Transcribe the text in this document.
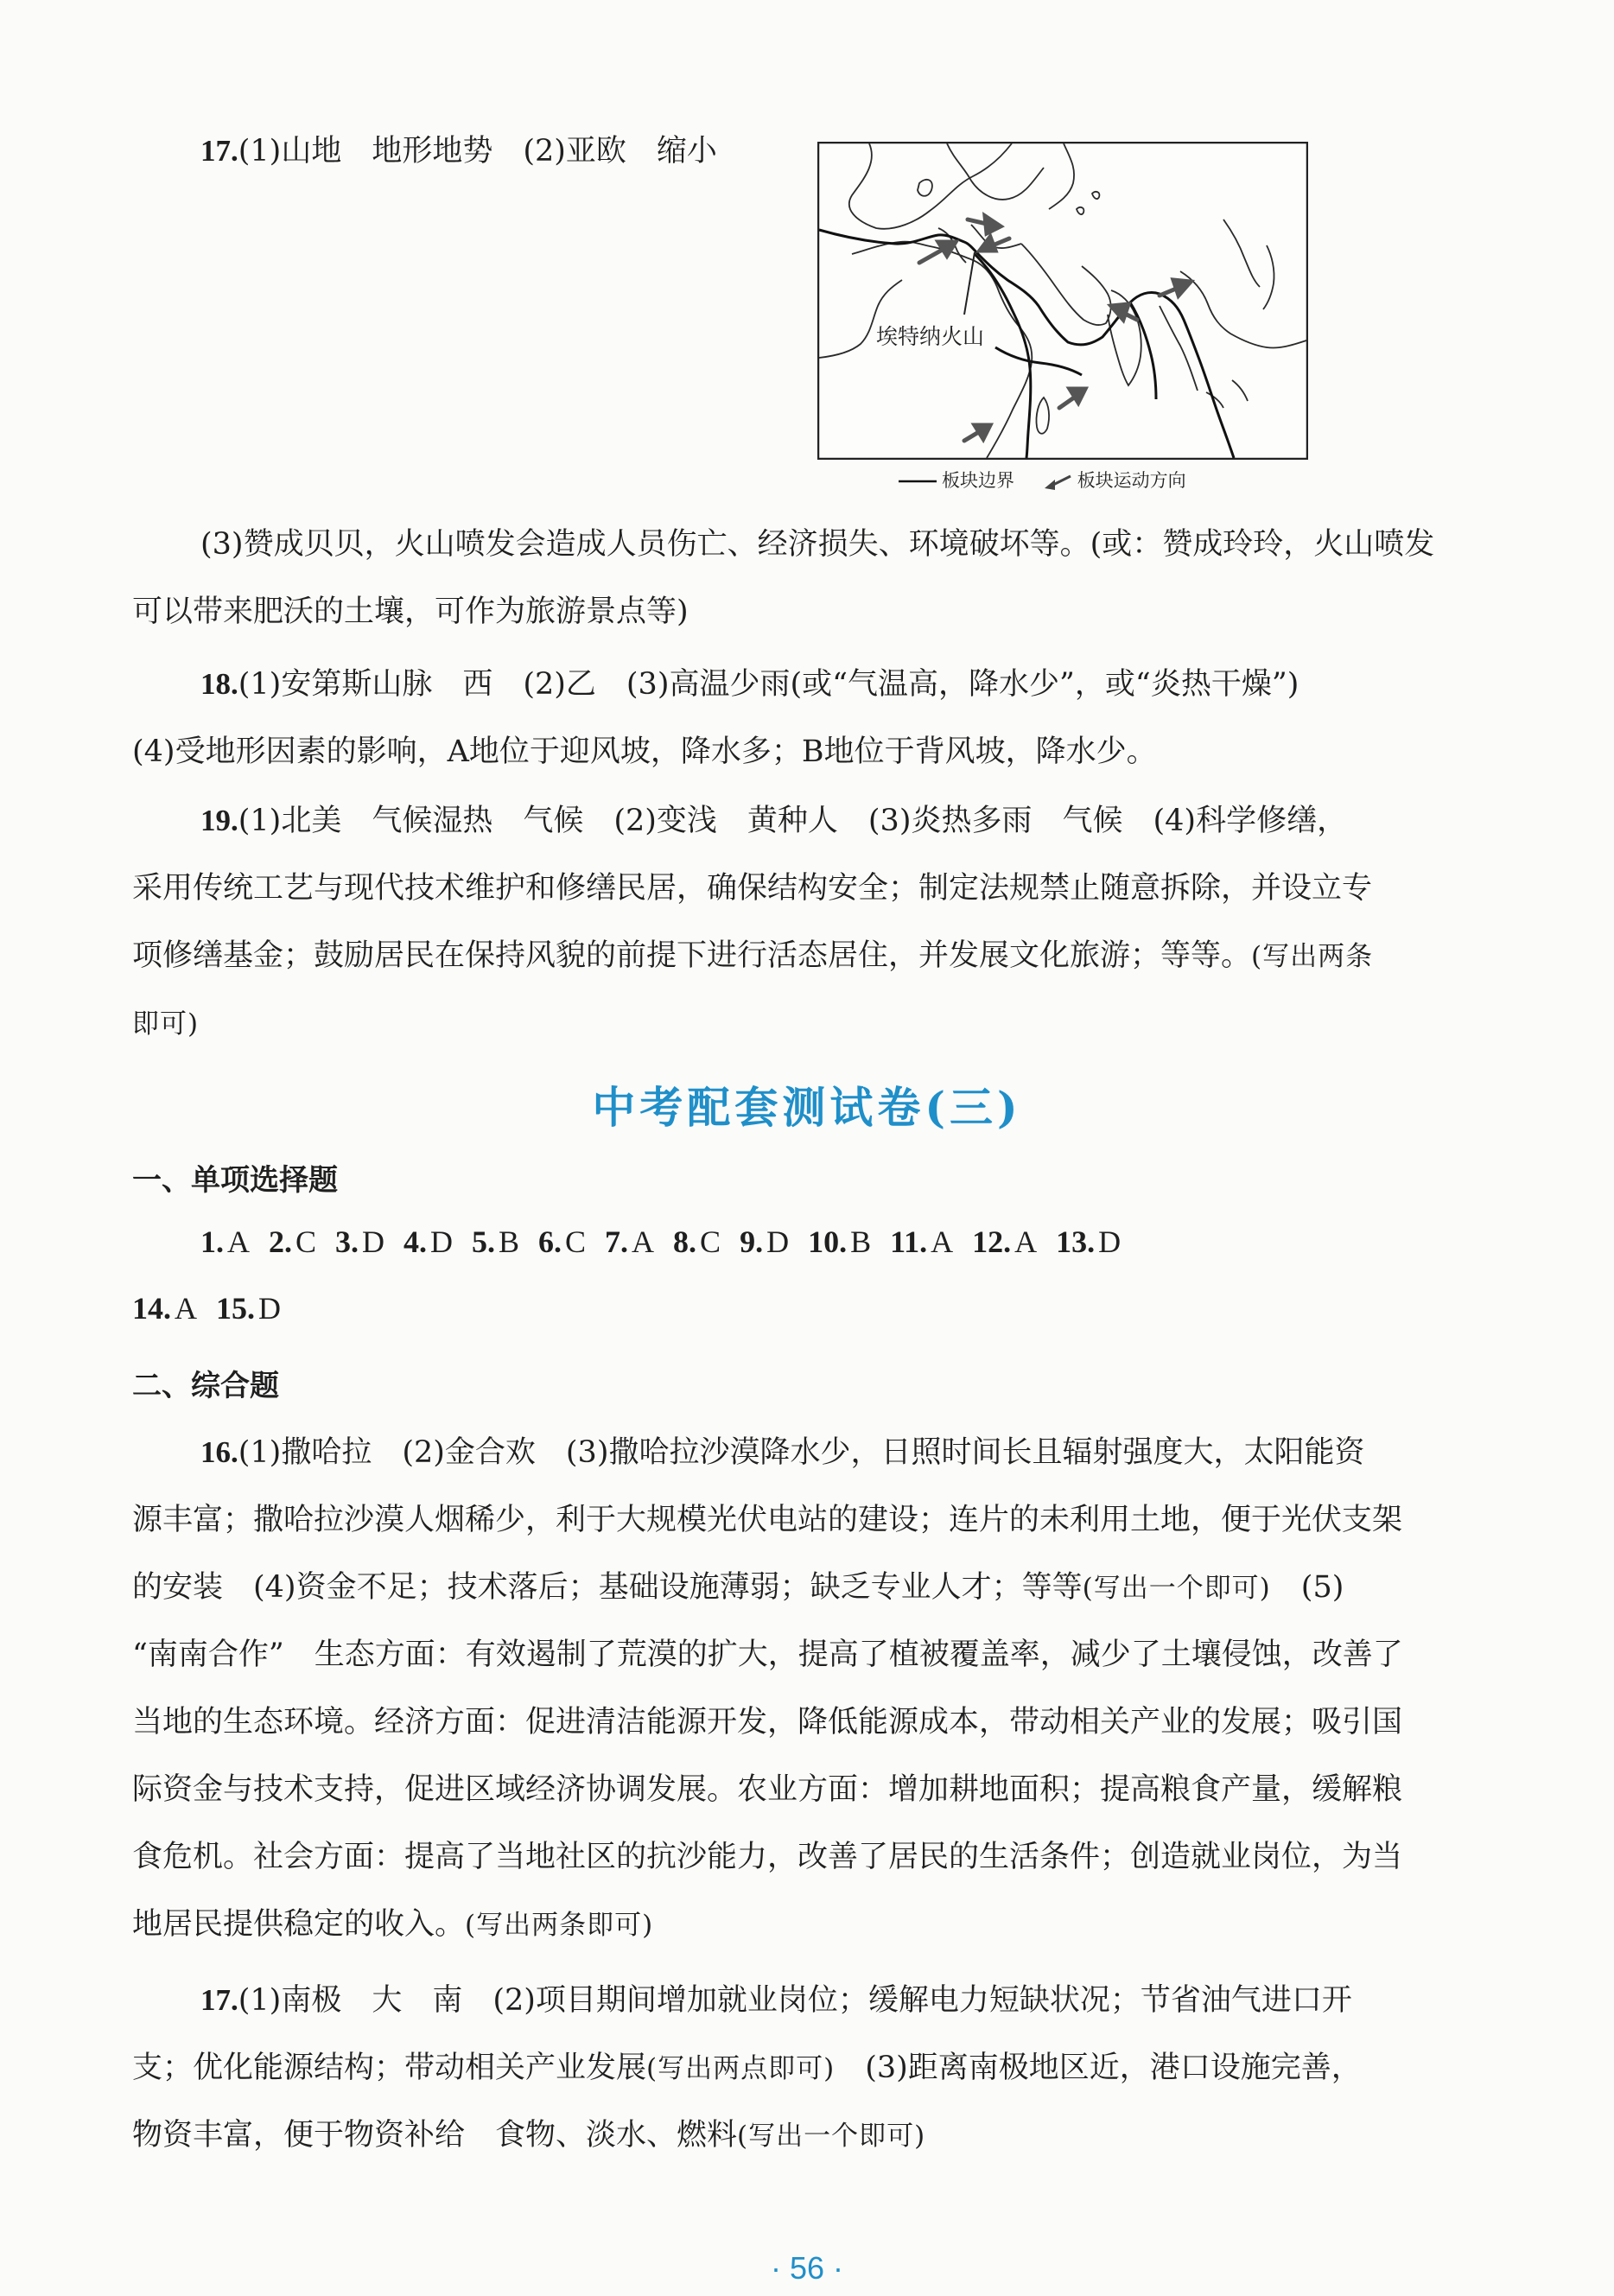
17.(1)山地　地形地势　(2)亚欧　缩小
埃特纳火山
板块边界	板块运动方向
(3)赞成贝贝，火山喷发会造成人员伤亡、经济损失、环境破坏等。(或：赞成玲玲，火山喷发
可以带来肥沃的土壤，可作为旅游景点等)
18.(1)安第斯山脉　西　(2)乙　(3)高温少雨(或“气温高，降水少”，或“炎热干燥”)
(4)受地形因素的影响，A地位于迎风坡，降水多；B地位于背风坡，降水少。
19.(1)北美　气候湿热　气候　(2)变浅　黄种人　(3)炎热多雨　气候　(4)科学修缮，
采用传统工艺与现代技术维护和修缮民居，确保结构安全；制定法规禁止随意拆除，并设立专
项修缮基金；鼓励居民在保持风貌的前提下进行活态居住，并发展文化旅游；等等。(写出两条
即可)
中考配套测试卷(三)
一、单项选择题
1. A 2. C 3. D 4. D 5. B 6. C 7. A 8. C 9. D 10. B 11. A 12. A 13. D
14. A 15. D
二、综合题
16.(1)撒哈拉　(2)金合欢　(3)撒哈拉沙漠降水少，日照时间长且辐射强度大，太阳能资
源丰富；撒哈拉沙漠人烟稀少，利于大规模光伏电站的建设；连片的未利用土地，便于光伏支架
的安装　(4)资金不足；技术落后；基础设施薄弱；缺乏专业人才；等等(写出一个即可)　(5)
“南南合作”　生态方面：有效遏制了荒漠的扩大，提高了植被覆盖率，减少了土壤侵蚀，改善了
当地的生态环境。经济方面：促进清洁能源开发，降低能源成本，带动相关产业的发展；吸引国
际资金与技术支持，促进区域经济协调发展。农业方面：增加耕地面积；提高粮食产量，缓解粮
食危机。社会方面：提高了当地社区的抗沙能力，改善了居民的生活条件；创造就业岗位，为当
地居民提供稳定的收入。(写出两条即可)
17.(1)南极　大　南　(2)项目期间增加就业岗位；缓解电力短缺状况；节省油气进口开
支；优化能源结构；带动相关产业发展(写出两点即可)　(3)距离南极地区近，港口设施完善，
物资丰富，便于物资补给　食物、淡水、燃料(写出一个即可)
· 56 ·
